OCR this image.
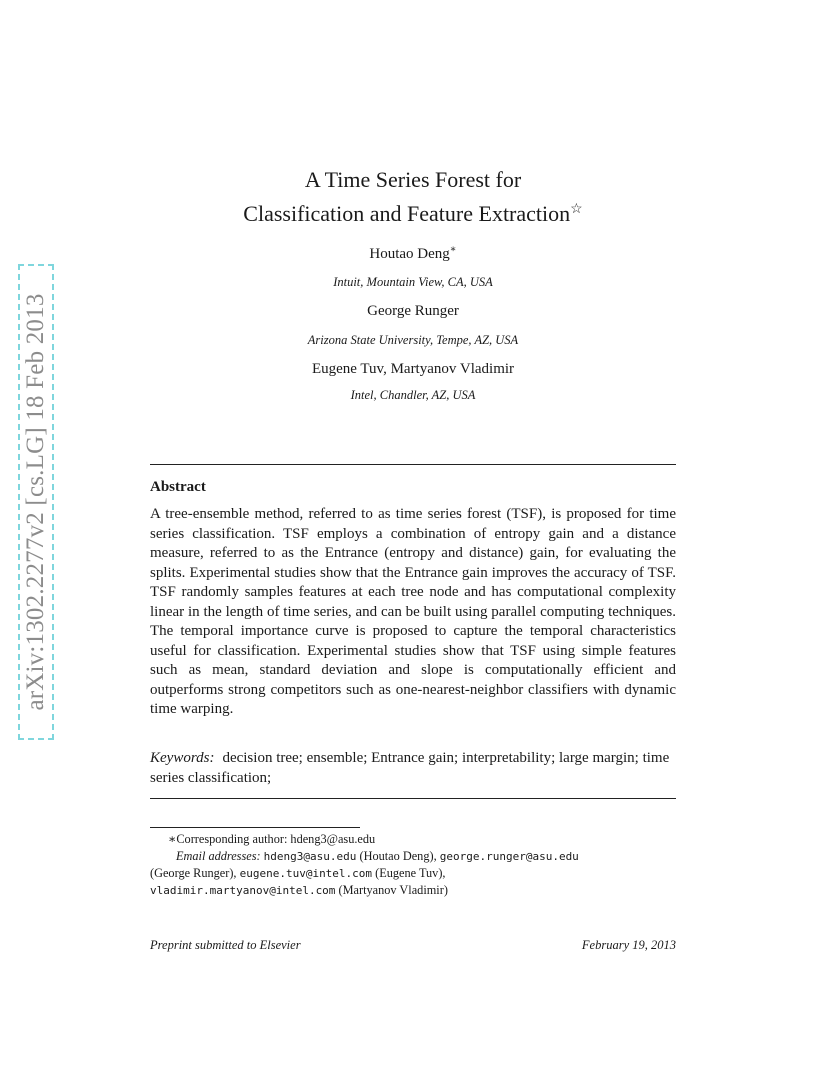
arXiv:1302.2277v2 [cs.LG] 18 Feb 2013
A Time Series Forest for
Classification and Feature Extraction☆
Houtao Deng∗
Intuit, Mountain View, CA, USA
George Runger
Arizona State University, Tempe, AZ, USA
Eugene Tuv, Martyanov Vladimir
Intel, Chandler, AZ, USA
Abstract

A tree-ensemble method, referred to as time series forest (TSF), is proposed for time series classification. TSF employs a combination of entropy gain and a distance measure, referred to as the Entrance (entropy and distance) gain, for evaluating the splits. Experimental studies show that the Entrance gain improves the accuracy of TSF. TSF randomly samples features at each tree node and has computational complexity linear in the length of time series, and can be built using parallel computing techniques. The temporal importance curve is proposed to capture the temporal characteristics useful for classification. Experimental studies show that TSF using simple features such as mean, standard deviation and slope is computationally efficient and outperforms strong competitors such as one-nearest-neighbor classifiers with dynamic time warping.

Keywords: decision tree; ensemble; Entrance gain; interpretability; large margin; time series classification;

∗Corresponding author: hdeng3@asu.edu

Email addresses: hdeng3@asu.edu (Houtao Deng), george.runger@asu.edu
(George Runger), eugene.tuv@intel.com (Eugene Tuv),
vladimir.martyanov@intel.com (Martyanov Vladimir)

Preprint submitted to Elsevier	February 19, 2013
